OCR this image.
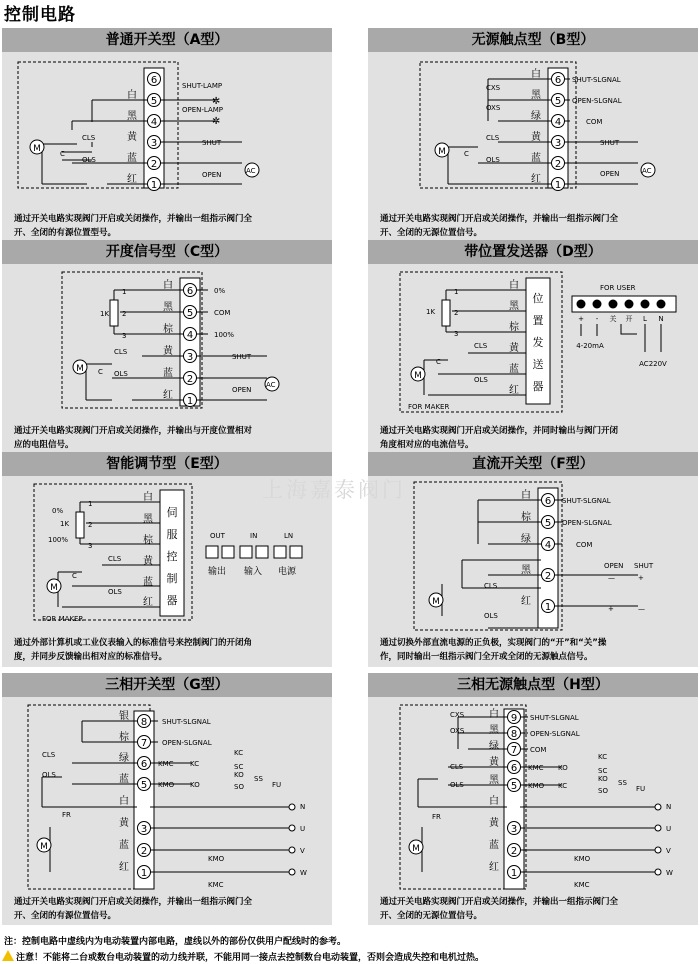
控制电路
普通开关型（A型）
6
5
4
3
2
1
白
黑
黄
蓝
红
M
CLS
OLS
C
SHUT-LAMP
OPEN-LAMP
SHUT
OPEN	AC
✲
✲
通过开关电路实现阀门开启或关闭操作，并输出一组指示阀门全
开、全闭的有源位置型号。
无源触点型（B型）
6
5
4
3
2
1
白
黑
绿
黄
蓝
红
M
CXS
OXS
CLS
OLS
C
SHUT-SLGNAL
OPEN-SLGNAL
COM
SHUT
OPEN	AC
通过开关电路实现阀门开启或关闭操作，并输出一组指示阀门全
开、全闭的无源位置信号。
开度信号型（C型）
6
5
4
3
2
1
白
黑
棕
黄
蓝
红
M
1K
1
2
3
CLS
OLS
C
0%
COM
100%
SHUT
OPEN
AC
通过开关电路实现阀门开启或关闭操作，并输出与开度位置相对
应的电阻信号。
带位置发送器（D型）
位
置
发
送
器
白
黑
棕
黄
蓝
红
M
1
2
3
1K
CLS
OLS
C
FOR MAKER
FOR USER
+ - 关 开 L N
4-20mA
AC220V
通过开关电路实现阀门开启或关闭操作，并同时输出与阀门开闭
角度相对应的电流信号。
智能调节型（E型）
伺
服
控
制
器
白
黑
棕
黄
蓝
红
M
0%
1K
100%
1
2
3
CLS
OLS
C
FOR MAKER
OUT	IN	LN
输出 输入 电源
通过外部计算机或工业仪表输入的标准信号来控制阀门的开闭角
度，并同步反馈输出相对应的标准信号。
直流开关型（F型）
6
5
4
2
1
白
棕
绿
黑
红
M
CLS
OLS
SHUT-SLGNAL
OPEN-SLGNAL
COM
OPEN SHUT
—	+
+	—
通过切换外部直流电源的正负极，实现阀门的“开”和“关”操
作，同时输出一组指示阀门全开或全闭的无源触点信号。
三相开关型（G型）
8
7
6
5
3
2
1
银
棕
绿
蓝
白
黄
蓝
红
M
CLS
OLS
FR
SHUT-SLGNAL
OPEN-SLGNAL
KMC
KMO
KC
KO
KC
SC
KO
SO
SS
FU
N
U
V
W
KMO
KMC
通过开关电路实现阀门开启或关闭操作，并输出一组指示阀门全
开、全闭的有源位置信号。
三相无源触点型（H型）
9
8
7
6
5
3
2
1
白
黑
绿
黄
黑
白
黄
蓝
红
M
CXS
OXS
CLS
OLS
FR
SHUT-SLGNAL
OPEN-SLGNAL
COM
KMC
KMO
KO
KC
KC
SC
KO
SO
SS
FU
N
U
V
W
KMO
KMC
通过开关电路实现阀门开启或关闭操作，并输出一组指示阀门全
开、全闭的无源位置信号。
上海嘉泰阀门
注：控制电路中虚线内为电动装置内部电路，虚线以外的部份仅供用户配线时的参考。
注意！不能将二台或数台电动装置的动力线并联，不能用同一接点去控制数台电动装置，否则会造成失控和电机过热。
